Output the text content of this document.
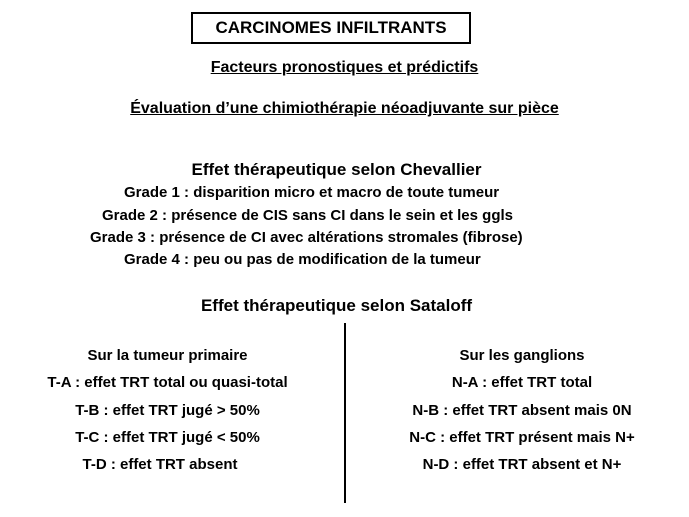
CARCINOMES INFILTRANTS
Facteurs pronostiques et prédictifs
Évaluation d’une chimiothérapie néoadjuvante sur pièce
Effet thérapeutique selon Chevallier
Grade 1 : disparition micro et macro de toute tumeur
Grade 2 : présence de CIS sans CI dans le sein et les ggls
Grade 3 : présence de CI avec altérations stromales (fibrose)
Grade 4 : peu ou pas de modification de la tumeur
Effet thérapeutique selon Sataloff
Sur la tumeur primaire
T-A : effet TRT total ou quasi-total
T-B : effet TRT jugé > 50%
T-C : effet TRT jugé < 50%
T-D : effet TRT absent
Sur les ganglions
N-A : effet TRT total
N-B : effet TRT absent mais 0N
N-C : effet TRT présent mais N+
N-D : effet TRT absent et N+
